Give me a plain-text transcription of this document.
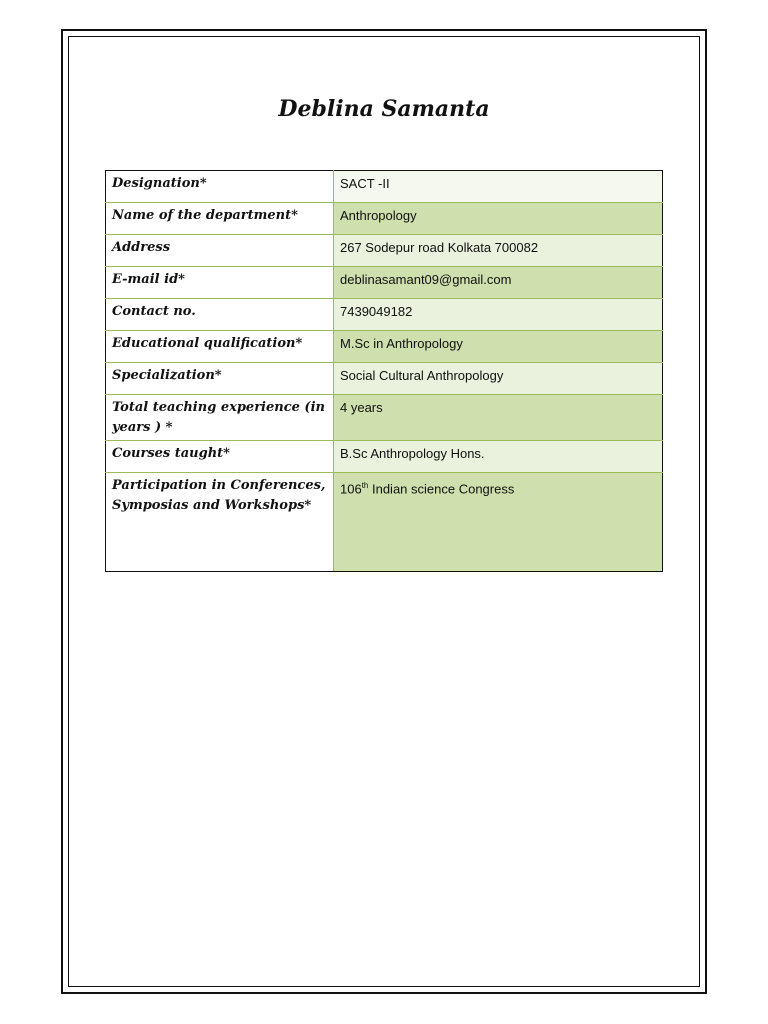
Deblina Samanta
Designation*	SACT -II
Name of the department*	Anthropology
Address	267 Sodepur road Kolkata 700082
E-mail id*	deblinasamant09@gmail.com
Contact no.	7439049182
Educational qualification*	M.Sc in Anthropology
Specialization*	Social Cultural Anthropology
Total teaching experience (in years ) *	4 years
Courses taught*	B.Sc Anthropology Hons.
Participation in Conferences, Symposias and Workshops*	106th Indian science Congress
